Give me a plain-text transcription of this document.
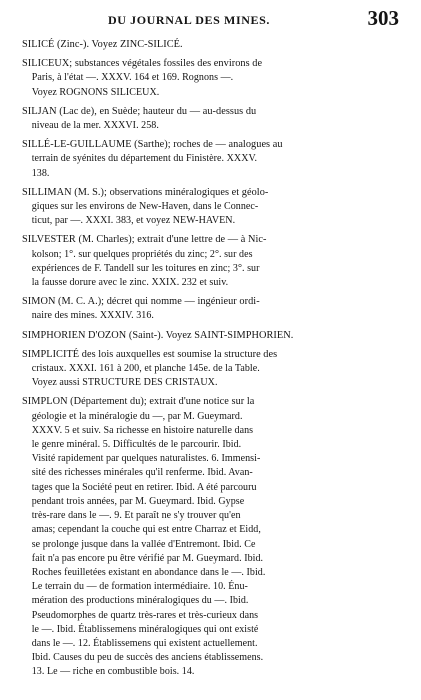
DU JOURNAL DES MINES.	303
SILICÉ (Zinc-). Voyez ZINC-SILICÉ.
SILICEUX; substances végétales fossiles des environs de
Paris, à l'état —. XXXV. 164 et 169. Rognons —.
Voyez ROGNONS SILICEUX.
SILJAN (Lac de), en Suède; hauteur du — au-dessus du
niveau de la mer. XXXVI. 258.
SILLÉ-LE-GUILLAUME (Sarthe); roches de — analogues au
terrain de syénites du département du Finistère. XXXV.
138.
SILLIMAN (M. S.); observations minéralogiques et géolo-
giques sur les environs de New-Haven, dans le Connec-
ticut, par —. XXXI. 383, et voyez NEW-HAVEN.
SILVESTER (M. Charles); extrait d'une lettre de — à Nic-
kolson; 1°. sur quelques propriétés du zinc; 2°. sur des
expériences de F. Tandell sur les toitures en zinc; 3°. sur
la fausse dorure avec le zinc. XXIX. 232 et suiv.
SIMON (M. C. A.); décret qui nomme — ingénieur ordi-
naire des mines. XXXIV. 316.
SIMPHORIEN D'OZON (Saint-). Voyez SAINT-SIMPHORIEN.
SIMPLICITÉ des lois auxquelles est soumise la structure des
cristaux. XXXI. 161 à 200, et planche 145e. de la Table.
Voyez aussi STRUCTURE DES CRISTAUX.
SIMPLON (Département du); extrait d'une notice sur la
géologie et la minéralogie du —, par M. Gueymard.
XXXV. 5 et suiv. Sa richesse en histoire naturelle dans
le genre minéral. 5. Difficultés de le parcourir. Ibid.
Visité rapidement par quelques naturalistes. 6. Immensi-
sité des richesses minérales qu'il renferme. Ibid. Avan-
tages que la Société peut en retirer. Ibid. A été parcouru
pendant trois années, par M. Gueymard. Ibid. Gypse
très-rare dans le —. 9. Et paraît ne s'y trouver qu'en
amas; cependant la couche qui est entre Charraz et Eidd,
se prolonge jusque dans la vallée d'Entremont. Ibid. Ce
fait n'a pas encore pu être vérifié par M. Gueymard. Ibid.
Roches feuilletées existant en abondance dans le —. Ibid.
Le terrain du — de formation intermédiaire. 10. Énu-
mération des productions minéralogiques du —. Ibid.
Pseudomorphes de quartz très-rares et très-curieux dans
le —. Ibid. Établissemens minéralogiques qui ont existé
dans le —. 12. Établissemens qui existent actuellement.
Ibid. Causes du peu de succès des anciens établissemens.
13. Le — riche en combustible bois. 14.
